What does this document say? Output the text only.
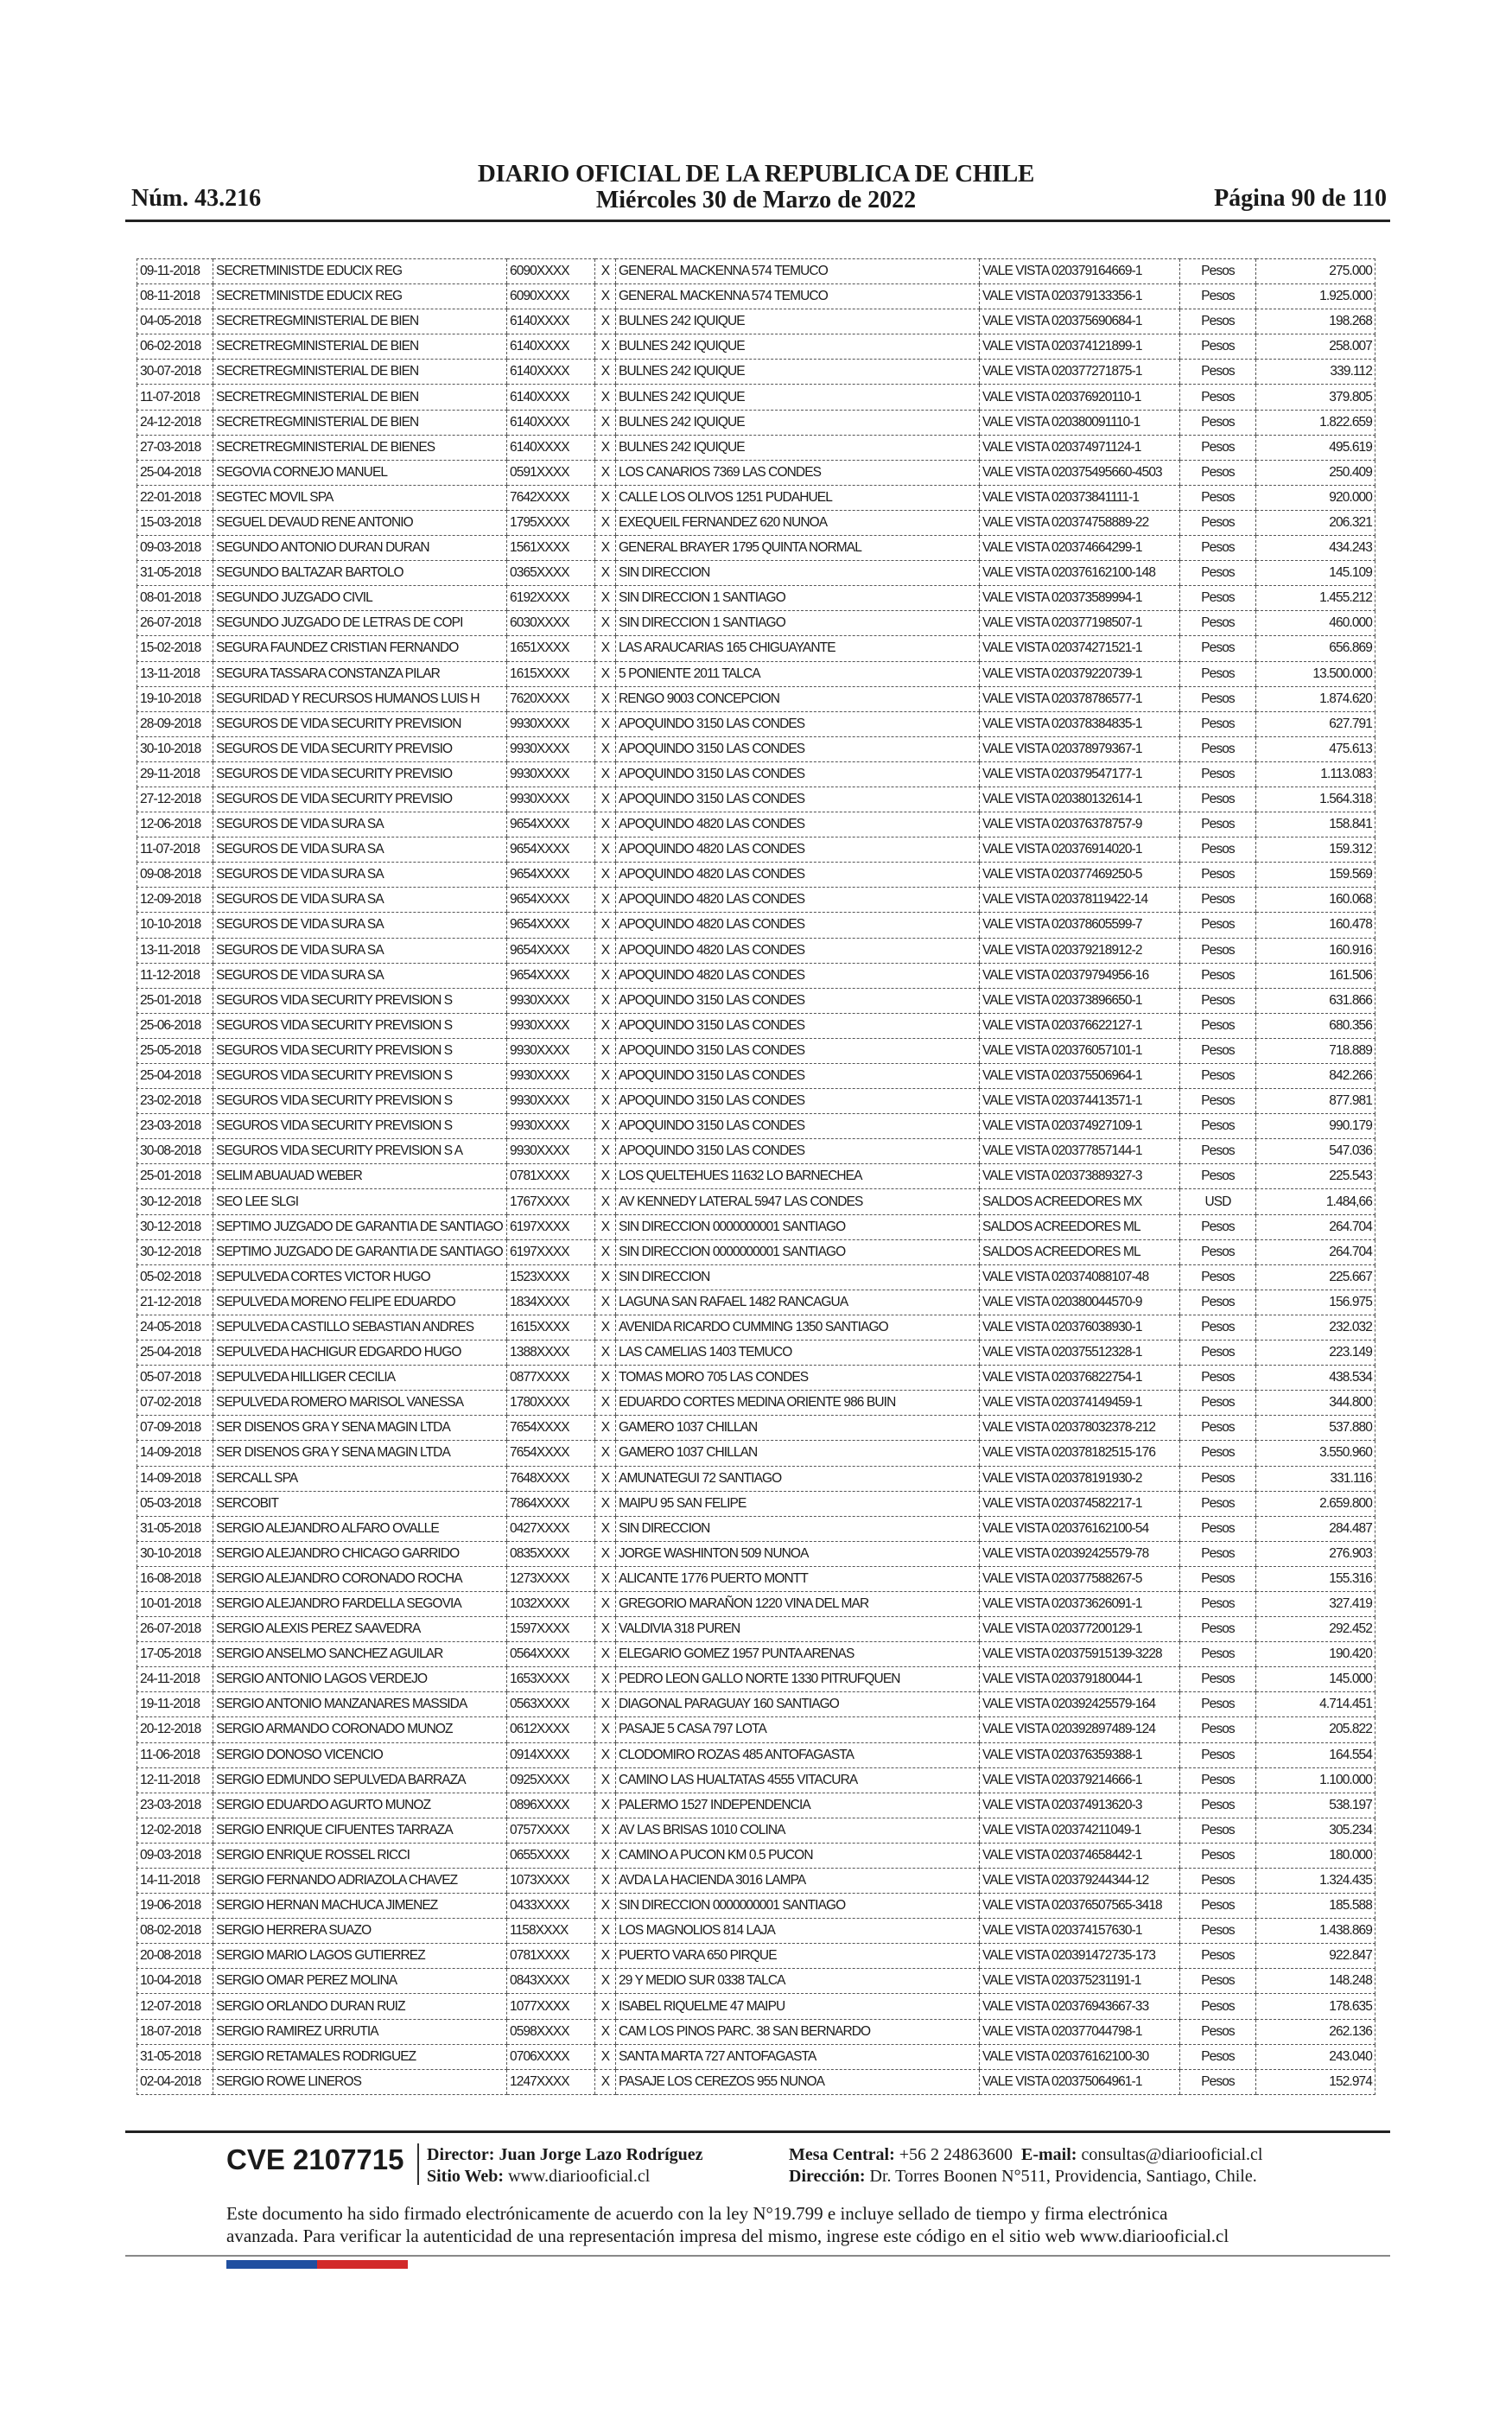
DIARIO OFICIAL DE LA REPUBLICA DE CHILE
Miércoles 30 de Marzo de 2022
Núm. 43.216	Página 90 de 110
09-11-2018	SECRETMINISTDE EDUCIX REG	6090XXXX	X	GENERAL MACKENNA 574 TEMUCO	VALE VISTA 020379164669-1	Pesos	275.000
08-11-2018	SECRETMINISTDE EDUCIX REG	6090XXXX	X	GENERAL MACKENNA 574 TEMUCO	VALE VISTA 020379133356-1	Pesos	1.925.000
04-05-2018	SECRETREGMINISTERIAL DE BIEN	6140XXXX	X	BULNES 242 IQUIQUE	VALE VISTA 020375690684-1	Pesos	198.268
06-02-2018	SECRETREGMINISTERIAL DE BIEN	6140XXXX	X	BULNES 242 IQUIQUE	VALE VISTA 020374121899-1	Pesos	258.007
30-07-2018	SECRETREGMINISTERIAL DE BIEN	6140XXXX	X	BULNES 242 IQUIQUE	VALE VISTA 020377271875-1	Pesos	339.112
11-07-2018	SECRETREGMINISTERIAL DE BIEN	6140XXXX	X	BULNES 242 IQUIQUE	VALE VISTA 020376920110-1	Pesos	379.805
24-12-2018	SECRETREGMINISTERIAL DE BIEN	6140XXXX	X	BULNES 242 IQUIQUE	VALE VISTA 020380091110-1	Pesos	1.822.659
27-03-2018	SECRETREGMINISTERIAL DE BIENES	6140XXXX	X	BULNES 242 IQUIQUE	VALE VISTA 020374971124-1	Pesos	495.619
25-04-2018	SEGOVIA CORNEJO MANUEL	0591XXXX	X	LOS CANARIOS 7369 LAS CONDES	VALE VISTA 020375495660-4503	Pesos	250.409
22-01-2018	SEGTEC MOVIL SPA	7642XXXX	X	CALLE LOS OLIVOS 1251 PUDAHUEL	VALE VISTA 020373841111-1	Pesos	920.000
15-03-2018	SEGUEL DEVAUD RENE ANTONIO	1795XXXX	X	EXEQUEIL FERNANDEZ 620 NUNOA	VALE VISTA 020374758889-22	Pesos	206.321
09-03-2018	SEGUNDO ANTONIO DURAN DURAN	1561XXXX	X	GENERAL BRAYER 1795 QUINTA NORMAL	VALE VISTA 020374664299-1	Pesos	434.243
31-05-2018	SEGUNDO BALTAZAR BARTOLO	0365XXXX	X	SIN DIRECCION	VALE VISTA 020376162100-148	Pesos	145.109
08-01-2018	SEGUNDO JUZGADO CIVIL	6192XXXX	X	SIN DIRECCION 1 SANTIAGO	VALE VISTA 020373589994-1	Pesos	1.455.212
26-07-2018	SEGUNDO JUZGADO DE LETRAS DE COPI	6030XXXX	X	SIN DIRECCION 1 SANTIAGO	VALE VISTA 020377198507-1	Pesos	460.000
15-02-2018	SEGURA FAUNDEZ CRISTIAN FERNANDO	1651XXXX	X	LAS ARAUCARIAS 165 CHIGUAYANTE	VALE VISTA 020374271521-1	Pesos	656.869
13-11-2018	SEGURA TASSARA CONSTANZA PILAR	1615XXXX	X	5 PONIENTE 2011 TALCA	VALE VISTA 020379220739-1	Pesos	13.500.000
19-10-2018	SEGURIDAD Y RECURSOS HUMANOS LUIS H	7620XXXX	X	RENGO 9003 CONCEPCION	VALE VISTA 020378786577-1	Pesos	1.874.620
28-09-2018	SEGUROS DE VIDA SECURITY PREVISION	9930XXXX	X	APOQUINDO 3150 LAS CONDES	VALE VISTA 020378384835-1	Pesos	627.791
30-10-2018	SEGUROS DE VIDA SECURITY PREVISIO	9930XXXX	X	APOQUINDO 3150 LAS CONDES	VALE VISTA 020378979367-1	Pesos	475.613
29-11-2018	SEGUROS DE VIDA SECURITY PREVISIO	9930XXXX	X	APOQUINDO 3150 LAS CONDES	VALE VISTA 020379547177-1	Pesos	1.113.083
27-12-2018	SEGUROS DE VIDA SECURITY PREVISIO	9930XXXX	X	APOQUINDO 3150 LAS CONDES	VALE VISTA 020380132614-1	Pesos	1.564.318
12-06-2018	SEGUROS DE VIDA SURA SA	9654XXXX	X	APOQUINDO 4820 LAS CONDES	VALE VISTA 020376378757-9	Pesos	158.841
11-07-2018	SEGUROS DE VIDA SURA SA	9654XXXX	X	APOQUINDO 4820 LAS CONDES	VALE VISTA 020376914020-1	Pesos	159.312
09-08-2018	SEGUROS DE VIDA SURA SA	9654XXXX	X	APOQUINDO 4820 LAS CONDES	VALE VISTA 020377469250-5	Pesos	159.569
12-09-2018	SEGUROS DE VIDA SURA SA	9654XXXX	X	APOQUINDO 4820 LAS CONDES	VALE VISTA 020378119422-14	Pesos	160.068
10-10-2018	SEGUROS DE VIDA SURA SA	9654XXXX	X	APOQUINDO 4820 LAS CONDES	VALE VISTA 020378605599-7	Pesos	160.478
13-11-2018	SEGUROS DE VIDA SURA SA	9654XXXX	X	APOQUINDO 4820 LAS CONDES	VALE VISTA 020379218912-2	Pesos	160.916
11-12-2018	SEGUROS DE VIDA SURA SA	9654XXXX	X	APOQUINDO 4820 LAS CONDES	VALE VISTA 020379794956-16	Pesos	161.506
25-01-2018	SEGUROS VIDA SECURITY PREVISION S	9930XXXX	X	APOQUINDO 3150 LAS CONDES	VALE VISTA 020373896650-1	Pesos	631.866
25-06-2018	SEGUROS VIDA SECURITY PREVISION S	9930XXXX	X	APOQUINDO 3150 LAS CONDES	VALE VISTA 020376622127-1	Pesos	680.356
25-05-2018	SEGUROS VIDA SECURITY PREVISION S	9930XXXX	X	APOQUINDO 3150 LAS CONDES	VALE VISTA 020376057101-1	Pesos	718.889
25-04-2018	SEGUROS VIDA SECURITY PREVISION S	9930XXXX	X	APOQUINDO 3150 LAS CONDES	VALE VISTA 020375506964-1	Pesos	842.266
23-02-2018	SEGUROS VIDA SECURITY PREVISION S	9930XXXX	X	APOQUINDO 3150 LAS CONDES	VALE VISTA 020374413571-1	Pesos	877.981
23-03-2018	SEGUROS VIDA SECURITY PREVISION S	9930XXXX	X	APOQUINDO 3150 LAS CONDES	VALE VISTA 020374927109-1	Pesos	990.179
30-08-2018	SEGUROS VIDA SECURITY PREVISION S A	9930XXXX	X	APOQUINDO 3150 LAS CONDES	VALE VISTA 020377857144-1	Pesos	547.036
25-01-2018	SELIM ABUAUAD WEBER	0781XXXX	X	LOS QUELTEHUES 11632 LO BARNECHEA	VALE VISTA 020373889327-3	Pesos	225.543
30-12-2018	SEO LEE SLGI	1767XXXX	X	AV KENNEDY LATERAL 5947 LAS CONDES	SALDOS ACREEDORES MX	USD	1.484,66
30-12-2018	SEPTIMO JUZGADO DE GARANTIA DE SANTIAGO	6197XXXX	X	SIN DIRECCION 0000000001 SANTIAGO	SALDOS ACREEDORES ML	Pesos	264.704
30-12-2018	SEPTIMO JUZGADO DE GARANTIA DE SANTIAGO	6197XXXX	X	SIN DIRECCION 0000000001 SANTIAGO	SALDOS ACREEDORES ML	Pesos	264.704
05-02-2018	SEPULVEDA CORTES VICTOR HUGO	1523XXXX	X	SIN DIRECCION	VALE VISTA 020374088107-48	Pesos	225.667
21-12-2018	SEPULVEDA MORENO FELIPE EDUARDO	1834XXXX	X	LAGUNA SAN RAFAEL 1482 RANCAGUA	VALE VISTA 020380044570-9	Pesos	156.975
24-05-2018	SEPULVEDA CASTILLO SEBASTIAN ANDRES	1615XXXX	X	AVENIDA RICARDO CUMMING 1350 SANTIAGO	VALE VISTA 020376038930-1	Pesos	232.032
25-04-2018	SEPULVEDA HACHIGUR EDGARDO HUGO	1388XXXX	X	LAS CAMELIAS 1403 TEMUCO	VALE VISTA 020375512328-1	Pesos	223.149
05-07-2018	SEPULVEDA HILLIGER CECILIA	0877XXXX	X	TOMAS MORO 705 LAS CONDES	VALE VISTA 020376822754-1	Pesos	438.534
07-02-2018	SEPULVEDA ROMERO MARISOL VANESSA	1780XXXX	X	EDUARDO CORTES MEDINA ORIENTE 986 BUIN	VALE VISTA 020374149459-1	Pesos	344.800
07-09-2018	SER DISENOS GRA Y SENA MAGIN LTDA	7654XXXX	X	GAMERO 1037 CHILLAN	VALE VISTA 020378032378-212	Pesos	537.880
14-09-2018	SER DISENOS GRA Y SENA MAGIN LTDA	7654XXXX	X	GAMERO 1037 CHILLAN	VALE VISTA 020378182515-176	Pesos	3.550.960
14-09-2018	SERCALL SPA	7648XXXX	X	AMUNATEGUI 72 SANTIAGO	VALE VISTA 020378191930-2	Pesos	331.116
05-03-2018	SERCOBIT	7864XXXX	X	MAIPU 95 SAN FELIPE	VALE VISTA 020374582217-1	Pesos	2.659.800
31-05-2018	SERGIO ALEJANDRO ALFARO OVALLE	0427XXXX	X	SIN DIRECCION	VALE VISTA 020376162100-54	Pesos	284.487
30-10-2018	SERGIO ALEJANDRO CHICAGO GARRIDO	0835XXXX	X	JORGE WASHINTON 509 NUNOA	VALE VISTA 020392425579-78	Pesos	276.903
16-08-2018	SERGIO ALEJANDRO CORONADO ROCHA	1273XXXX	X	ALICANTE 1776 PUERTO MONTT	VALE VISTA 020377588267-5	Pesos	155.316
10-01-2018	SERGIO ALEJANDRO FARDELLA SEGOVIA	1032XXXX	X	GREGORIO MARAÑON 1220 VINA DEL MAR	VALE VISTA 020373626091-1	Pesos	327.419
26-07-2018	SERGIO ALEXIS PEREZ SAAVEDRA	1597XXXX	X	VALDIVIA 318 PUREN	VALE VISTA 020377200129-1	Pesos	292.452
17-05-2018	SERGIO ANSELMO SANCHEZ AGUILAR	0564XXXX	X	ELEGARIO GOMEZ 1957 PUNTA ARENAS	VALE VISTA 020375915139-3228	Pesos	190.420
24-11-2018	SERGIO ANTONIO LAGOS VERDEJO	1653XXXX	X	PEDRO LEON GALLO NORTE 1330 PITRUFQUEN	VALE VISTA 020379180044-1	Pesos	145.000
19-11-2018	SERGIO ANTONIO MANZANARES MASSIDA	0563XXXX	X	DIAGONAL PARAGUAY 160 SANTIAGO	VALE VISTA 020392425579-164	Pesos	4.714.451
20-12-2018	SERGIO ARMANDO CORONADO MUNOZ	0612XXXX	X	PASAJE 5 CASA 797 LOTA	VALE VISTA 020392897489-124	Pesos	205.822
11-06-2018	SERGIO DONOSO VICENCIO	0914XXXX	X	CLODOMIRO ROZAS 485 ANTOFAGASTA	VALE VISTA 020376359388-1	Pesos	164.554
12-11-2018	SERGIO EDMUNDO SEPULVEDA BARRAZA	0925XXXX	X	CAMINO LAS HUALTATAS 4555 VITACURA	VALE VISTA 020379214666-1	Pesos	1.100.000
23-03-2018	SERGIO EDUARDO AGURTO MUNOZ	0896XXXX	X	PALERMO 1527 INDEPENDENCIA	VALE VISTA 020374913620-3	Pesos	538.197
12-02-2018	SERGIO ENRIQUE CIFUENTES TARRAZA	0757XXXX	X	AV LAS BRISAS 1010 COLINA	VALE VISTA 020374211049-1	Pesos	305.234
09-03-2018	SERGIO ENRIQUE ROSSEL RICCI	0655XXXX	X	CAMINO A PUCON KM 0.5 PUCON	VALE VISTA 020374658442-1	Pesos	180.000
14-11-2018	SERGIO FERNANDO ADRIAZOLA CHAVEZ	1073XXXX	X	AVDA LA HACIENDA 3016 LAMPA	VALE VISTA 020379244344-12	Pesos	1.324.435
19-06-2018	SERGIO HERNAN MACHUCA JIMENEZ	0433XXXX	X	SIN DIRECCION 0000000001 SANTIAGO	VALE VISTA 020376507565-3418	Pesos	185.588
08-02-2018	SERGIO HERRERA SUAZO	1158XXXX	X	LOS MAGNOLIOS 814 LAJA	VALE VISTA 020374157630-1	Pesos	1.438.869
20-08-2018	SERGIO MARIO LAGOS GUTIERREZ	0781XXXX	X	PUERTO VARA 650 PIRQUE	VALE VISTA 020391472735-173	Pesos	922.847
10-04-2018	SERGIO OMAR PEREZ MOLINA	0843XXXX	X	29 Y MEDIO SUR 0338 TALCA	VALE VISTA 020375231191-1	Pesos	148.248
12-07-2018	SERGIO ORLANDO DURAN RUIZ	1077XXXX	X	ISABEL RIQUELME 47 MAIPU	VALE VISTA 020376943667-33	Pesos	178.635
18-07-2018	SERGIO RAMIREZ URRUTIA	0598XXXX	X	CAM LOS PINOS PARC. 38 SAN BERNARDO	VALE VISTA 020377044798-1	Pesos	262.136
31-05-2018	SERGIO RETAMALES RODRIGUEZ	0706XXXX	X	SANTA MARTA 727 ANTOFAGASTA	VALE VISTA 020376162100-30	Pesos	243.040
02-04-2018	SERGIO ROWE LINEROS	1247XXXX	X	PASAJE LOS CEREZOS 955 NUNOA	VALE VISTA 020375064961-1	Pesos	152.974
CVE 2107715 Director: Juan Jorge Lazo Rodríguez
Sitio Web: www.diariooficial.cl
Mesa Central: +56 2 24863600 E-mail: consultas@diariooficial.cl
Dirección: Dr. Torres Boonen N°511, Providencia, Santiago, Chile.
Este documento ha sido firmado electrónicamente de acuerdo con la ley N°19.799 e incluye sellado de tiempo y firma electrónica
avanzada. Para verificar la autenticidad de una representación impresa del mismo, ingrese este código en el sitio web www.diariooficial.cl
